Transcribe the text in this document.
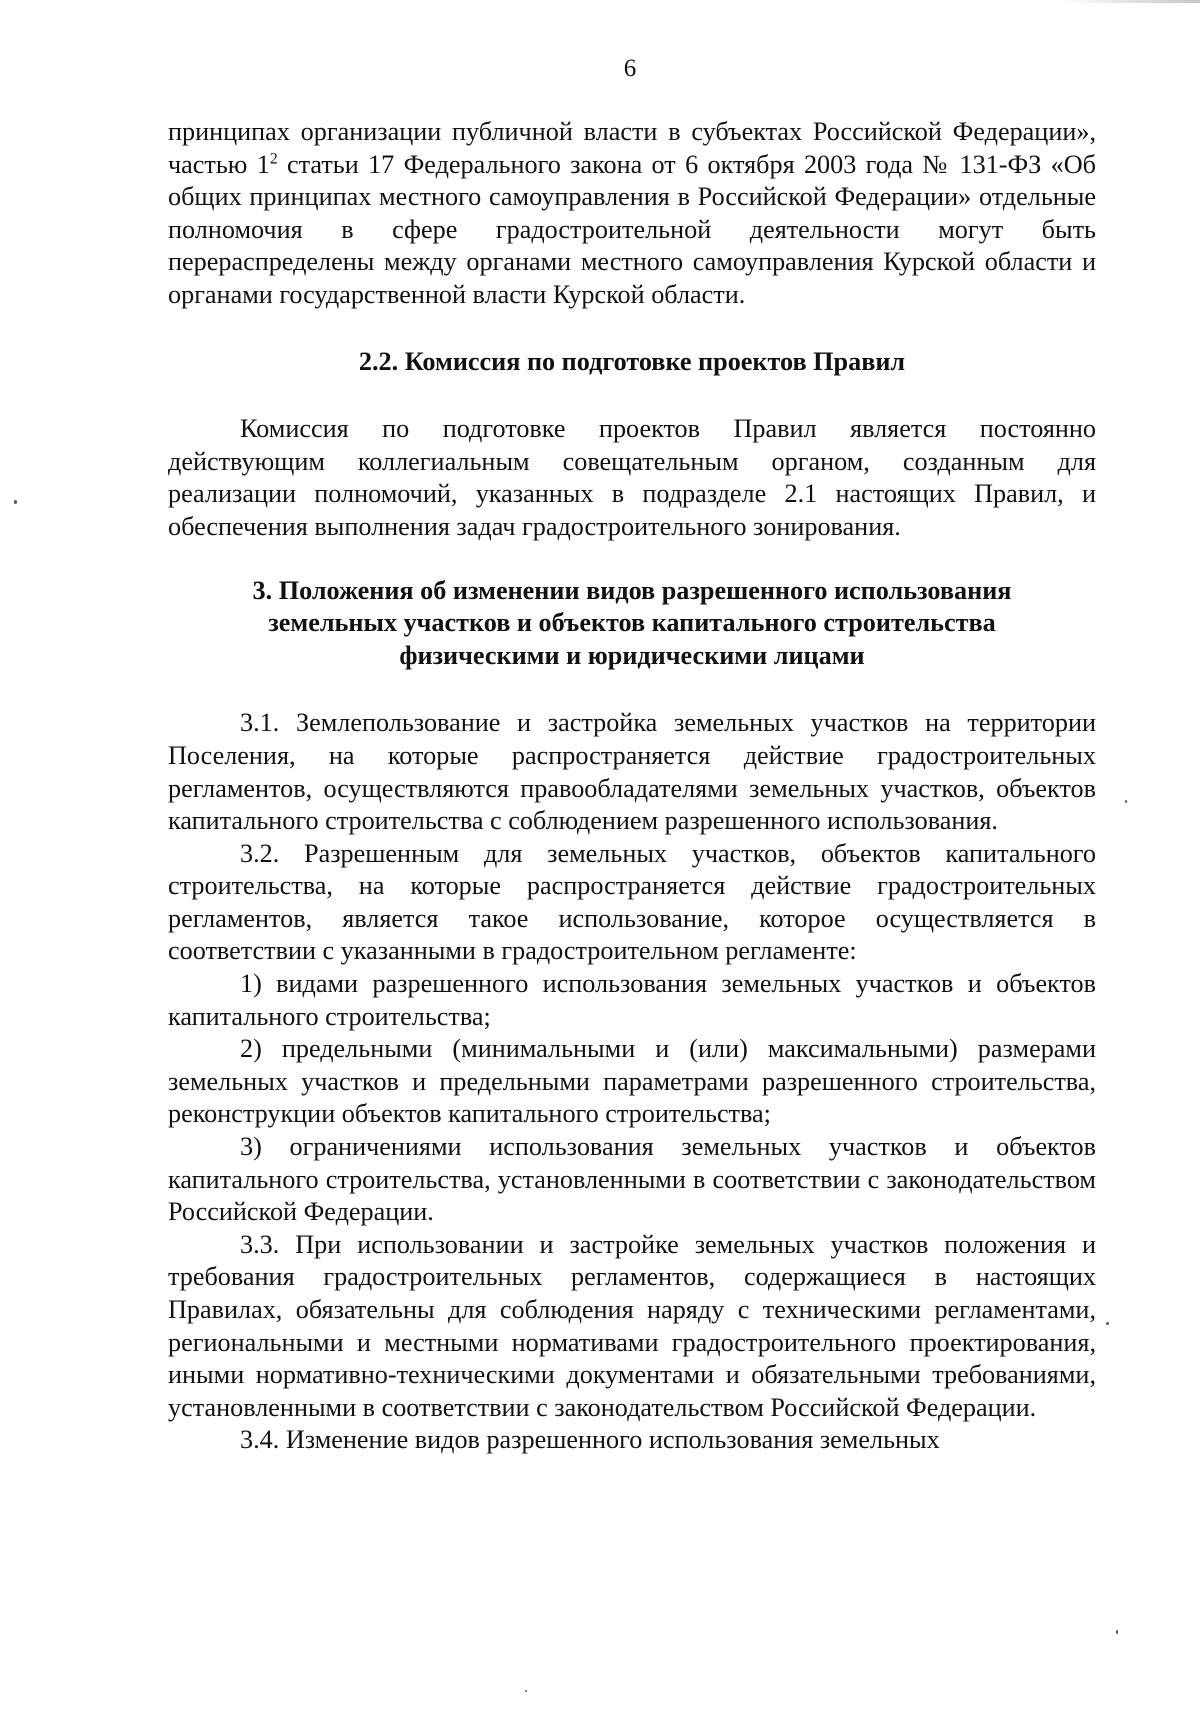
6

принципах организации публичной власти в субъектах Российской Федерации», частью $1^2$ статьи 17 Федерального закона от 6 октября 2003 года № 131-ФЗ «Об общих принципах местного самоуправления в Российской Федерации» отдельные полномочия в сфере градостроительной деятельности могут быть перераспределены между органами местного самоуправления Курской области и органами государственной власти Курской области.

2.2. Комиссия по подготовке проектов Правил

Комиссия по подготовке проектов Правил является постоянно действующим коллегиальным совещательным органом, созданным для реализации полномочий, указанных в подразделе 2.1 настоящих Правил, и обеспечения выполнения задач градостроительного зонирования.

3. Положения об изменении видов разрешенного использования
земельных участков и объектов капитального строительства
физическими и юридическими лицами

3.1. Землепользование и застройка земельных участков на территории Поселения, на которые распространяется действие градостроительных регламентов, осуществляются правообладателями земельных участков, объектов капитального строительства с соблюдением разрешенного использования.

3.2. Разрешенным для земельных участков, объектов капитального строительства, на которые распространяется действие градостроительных регламентов, является такое использование, которое осуществляется в соответствии с указанными в градостроительном регламенте:

1) видами разрешенного использования земельных участков и объектов капитального строительства;

2) предельными (минимальными и (или) максимальными) размерами земельных участков и предельными параметрами разрешенного строительства, реконструкции объектов капитального строительства;

3) ограничениями использования земельных участков и объектов капитального строительства, установленными в соответствии с законодательством Российской Федерации.

3.3. При использовании и застройке земельных участков положения и требования градостроительных регламентов, содержащиеся в настоящих Правилах, обязательны для соблюдения наряду с техническими регламентами, региональными и местными нормативами градостроительного проектирования, иными нормативно-техническими документами и обязательными требованиями, установленными в соответствии с законодательством Российской Федерации.

3.4. Изменение видов разрешенного использования земельных
